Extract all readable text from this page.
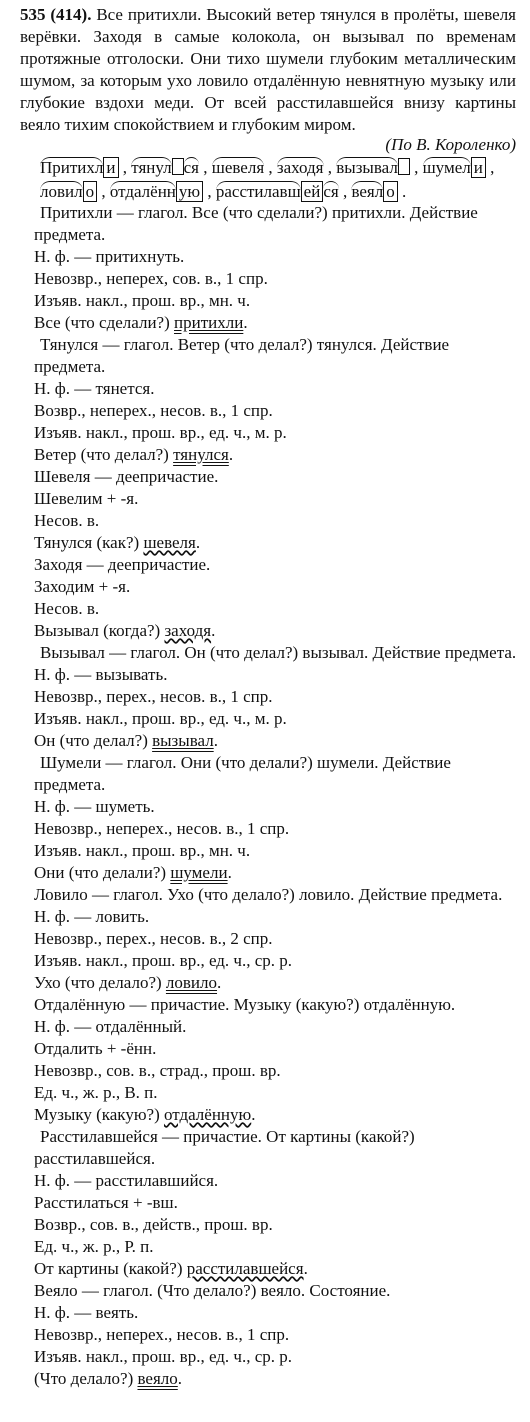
535 (414). Все притихли. Высокий ветер тянулся в пролёты, шевеля верёвки. Заходя в самые колокола, он вызывал по временам протяжные отголоски. Они тихо шумели глубоким металлическим шумом, за которым ухо ловило отдалённую невнятную музыку или глубокие вздохи меди. От всей расстилавшейся внизу картины веяло тихим спокойствием и глубоким миром.
(По В. Короленко)
Притихл и , тянул ся , шевеля , заходя , вызывал , шумел и ,
ловил о , отдалённ ую , расстилавш ей ся , веял о .

Притихли — глагол. Все (что сделали?) притихли. Действие предмета.

Н. ф. — притихнуть.

Невозвр., неперех, сов. в., 1 спр.

Изъяв. накл., прош. вр., мн. ч.

Все (что сделали?) притихли.

Тянулся — глагол. Ветер (что делал?) тянулся. Действие предмета.

Н. ф. — тянется.

Возвр., неперех., несов. в., 1 спр.

Изъяв. накл., прош. вр., ед. ч., м. р.

Ветер (что делал?) тянулся.

Шевеля — деепричастие.

Шевелим + -я.

Несов. в.

Тянулся (как?) шевеля.

Заходя — деепричастие.

Заходим + -я.

Несов. в.

Вызывал (когда?) заходя.

Вызывал — глагол. Он (что делал?) вызывал. Действие предмета.

Н. ф. — вызывать.

Невозвр., перех., несов. в., 1 спр.

Изъяв. накл., прош. вр., ед. ч., м. р.

Он (что делал?) вызывал.

Шумели — глагол. Они (что делали?) шумели. Действие предмета.

Н. ф. — шуметь.

Невозвр., неперех., несов. в., 1 спр.

Изъяв. накл., прош. вр., мн. ч.

Они (что делали?) шумели.

Ловило — глагол. Ухо (что делало?) ловило. Действие предмета.

Н. ф. — ловить.

Невозвр., перех., несов. в., 2 спр.

Изъяв. накл., прош. вр., ед. ч., ср. р.

Ухо (что делало?) ловило.

Отдалённую — причастие. Музыку (какую?) отдалённую.

Н. ф. — отдалённый.

Отдалить + -ённ.

Невозвр., сов. в., страд., прош. вр.

Ед. ч., ж. р., В. п.

Музыку (какую?) отдалённую.

Расстилавшейся — причастие. От картины (какой?) расстилавшейся.

Н. ф. — расстилавшийся.

Расстилаться + -вш.

Возвр., сов. в., действ., прош. вр.

Ед. ч., ж. р., Р. п.

От картины (какой?) расстилавшейся.

Веяло — глагол. (Что делало?) веяло. Состояние.

Н. ф. — веять.

Невозвр., неперех., несов. в., 1 спр.

Изъяв. накл., прош. вр., ед. ч., ср. р.

(Что делало?) веяло.
